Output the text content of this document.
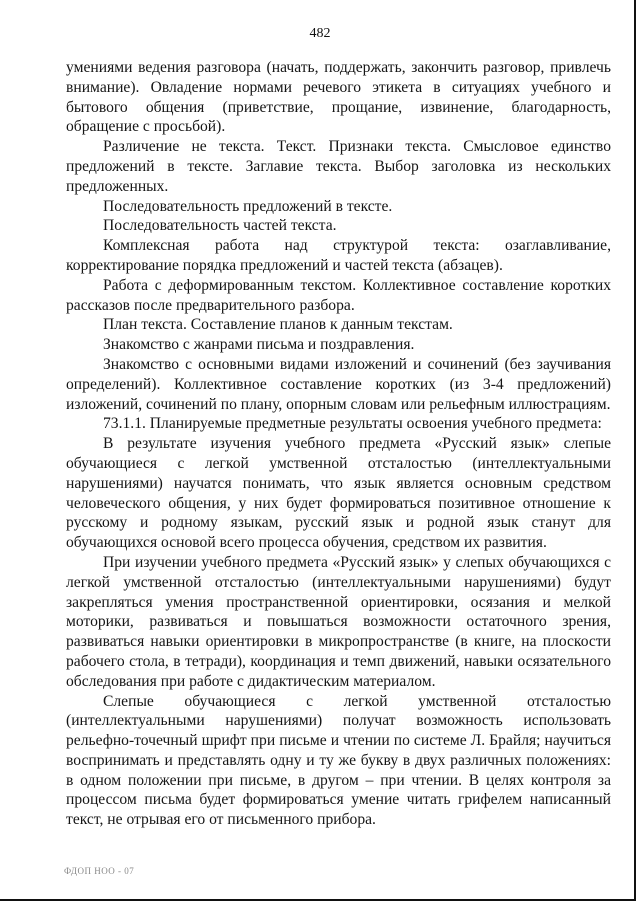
482

умениями ведения разговора (начать, поддержать, закончить разговор, привлечь внимание). Овладение нормами речевого этикета в ситуациях учебного и бытового общения (приветствие, прощание, извинение, благодарность, обращение с просьбой).

Различение не текста. Текст. Признаки текста. Смысловое единство предложений в тексте. Заглавие текста. Выбор заголовка из нескольких предложенных.

Последовательность предложений в тексте.

Последовательность частей текста.

Комплексная работа над структурой текста: озаглавливание, корректирование порядка предложений и частей текста (абзацев).

Работа с деформированным текстом. Коллективное составление коротких рассказов после предварительного разбора.

План текста. Составление планов к данным текстам.

Знакомство с жанрами письма и поздравления.

Знакомство с основными видами изложений и сочинений (без заучивания определений). Коллективное составление коротких (из 3-4 предложений) изложений, сочинений по плану, опорным словам или рельефным иллюстрациям.

73.1.1. Планируемые предметные результаты освоения учебного предмета:

В результате изучения учебного предмета «Русский язык» слепые обучающиеся с легкой умственной отсталостью (интеллектуальными нарушениями) научатся понимать, что язык является основным средством человеческого общения, у них будет формироваться позитивное отношение к русскому и родному языкам, русский язык и родной язык станут для обучающихся основой всего процесса обучения, средством их развития.

При изучении учебного предмета «Русский язык» у слепых обучающихся с легкой умственной отсталостью (интеллектуальными нарушениями) будут закрепляться умения пространственной ориентировки, осязания и мелкой моторики, развиваться и повышаться возможности остаточного зрения, развиваться навыки ориентировки в микропространстве (в книге, на плоскости рабочего стола, в тетради), координация и темп движений, навыки осязательного обследования при работе с дидактическим материалом.

Слепые обучающиеся с легкой умственной отсталостью (интеллектуальными нарушениями) получат возможность использовать рельефно-точечный шрифт при письме и чтении по системе Л. Брайля; научиться воспринимать и представлять одну и ту же букву в двух различных положениях: в одном положении при письме, в другом – при чтении. В целях контроля за процессом письма будет формироваться умение читать грифелем написанный текст, не отрывая его от письменного прибора.

ФДОП НОО - 07
